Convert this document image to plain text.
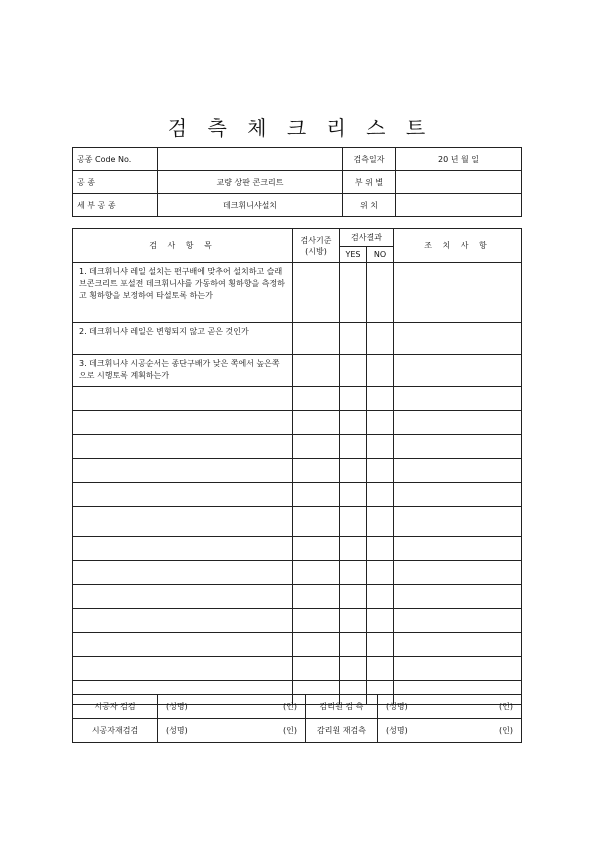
검 측 체 크 리 스 트
공종 Code No.		검측일자	20 년 월 일
공 종	교량 상판 콘크리트	부 위 별	
세 부 공 종	데크휘니샤설치	위 치	
검 사 항 목	검사기준 (시방)	검사결과		조 치 사 항
		YES	NO	
1. 데크휘니샤 레일 설치는 편구배에 맞추어 설치하고 슬래브콘크리트 포설전 데크휘니샤를 가동하여 횡하향을 측정하고 횡하향을 보정하여 타설토록 하는가				
2. 데크휘니샤 레일은 변형되지 않고 곧은 것인가				
3. 데크휘니샤 시공순서는 종단구배가 낮은 쪽에서 높은쪽으로 시행토록 계획하는가				

시공자 검검	(성명) (인)	감리원 검 측	(성명) (인)

시공자재검검	(성명) (인)	감리원 재검측	(성명) (인)
